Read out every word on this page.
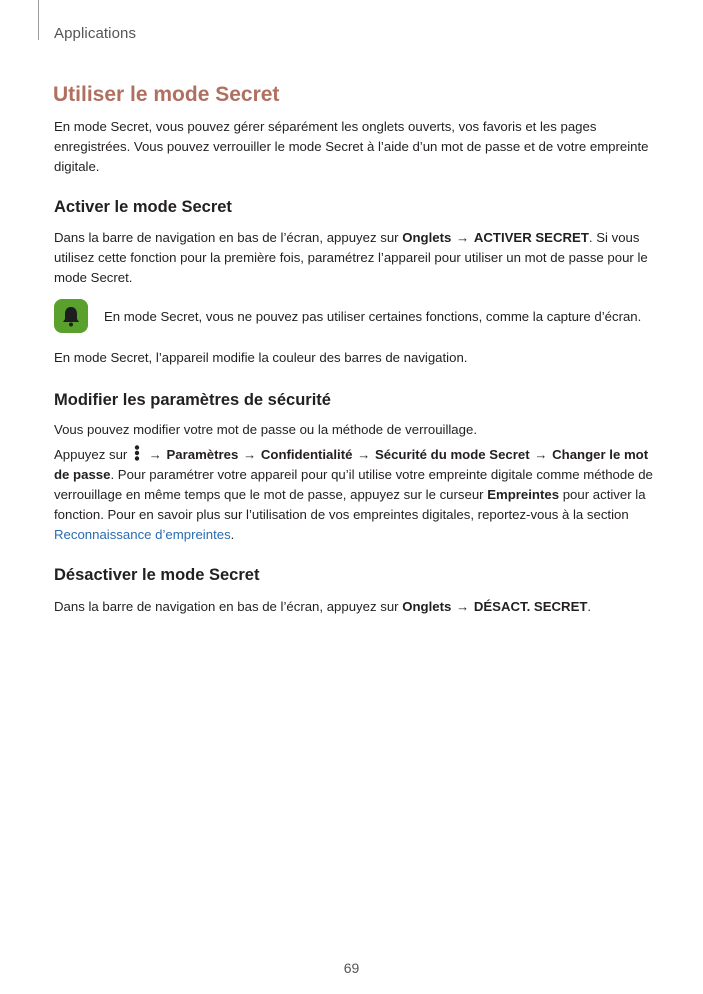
Applications
Utiliser le mode Secret

En mode Secret, vous pouvez gérer séparément les onglets ouverts, vos favoris et les pages enregistrées. Vous pouvez verrouiller le mode Secret à l’aide d’un mot de passe et de votre empreinte digitale.

Activer le mode Secret

Dans la barre de navigation en bas de l’écran, appuyez sur Onglets → ACTIVER SECRET. Si vous utilisez cette fonction pour la première fois, paramétrez l’appareil pour utiliser un mot de passe pour le mode Secret.

En mode Secret, vous ne pouvez pas utiliser certaines fonctions, comme la capture d’écran.

En mode Secret, l’appareil modifie la couleur des barres de navigation.

Modifier les paramètres de sécurité

Vous pouvez modifier votre mot de passe ou la méthode de verrouillage.

Appuyez sur  → Paramètres → Confidentialité → Sécurité du mode Secret → Changer le mot de passe. Pour paramétrer votre appareil pour qu’il utilise votre empreinte digitale comme méthode de verrouillage en même temps que le mot de passe, appuyez sur le curseur Empreintes pour activer la fonction. Pour en savoir plus sur l’utilisation de vos empreintes digitales, reportez-vous à la section Reconnaissance d’empreintes.

Désactiver le mode Secret

Dans la barre de navigation en bas de l’écran, appuyez sur Onglets → DÉSACT. SECRET.

69
